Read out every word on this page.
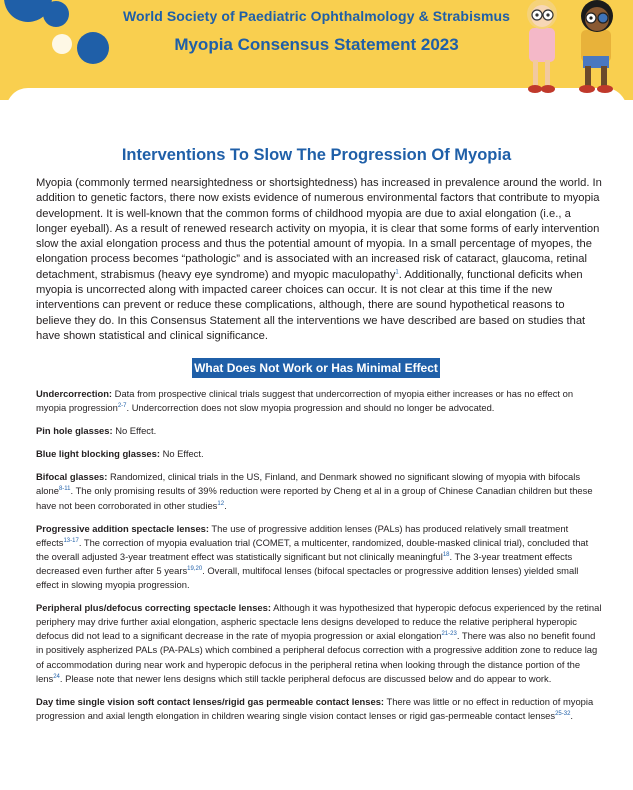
World Society of Paediatric Ophthalmology & Strabismus
Myopia Consensus Statement 2023
Interventions To Slow The Progression Of Myopia

Myopia (commonly termed nearsightedness or shortsightedness) has increased in prevalence around the world. In addition to genetic factors, there now exists evidence of numerous environmental factors that contribute to myopia development. It is well-known that the common forms of childhood myopia are due to axial elongation (i.e., a longer eyeball). As a result of renewed research activity on myopia, it is clear that some forms of early intervention slow the axial elongation process and thus the potential amount of myopia. In a small percentage of myopes, the elongation process becomes “pathologic” and is associated with an increased risk of cataract, glaucoma, retinal detachment, strabismus (heavy eye syndrome) and myopic maculopathy$^1$. Additionally, functional deficits when myopia is uncorrected along with impacted career choices can occur. It is not clear at this time if the new interventions can prevent or reduce these complications, although, there are sound hypothetical reasons to believe they do. In this Consensus Statement all the interventions we have described are based on studies that have shown statistical and clinical significance.

What Does Not Work or Has Minimal Effect

Undercorrection: Data from prospective clinical trials suggest that undercorrection of myopia either increases or has no effect on myopia progression$^{2-7}$. Undercorrection does not slow myopia progression and should no longer be advocated.

Pin hole glasses: No Effect.

Blue light blocking glasses: No Effect.

Bifocal glasses: Randomized, clinical trials in the US, Finland, and Denmark showed no significant slowing of myopia with bifocals alone$^{8-11}$. The only promising results of 39% reduction were reported by Cheng et al in a group of Chinese Canadian children but these have not been corroborated in other studies$^{12}$.

Progressive addition spectacle lenses: The use of progressive addition lenses (PALs) has produced relatively small treatment effects$^{13-17}$. The correction of myopia evaluation trial (COMET, a multicenter, randomized, double-masked clinical trial), concluded that the overall adjusted 3-year treatment effect was statistically significant but not clinically meaningful$^{18}$. The 3-year treatment effects decreased even further after 5 years$^{19,20}$. Overall, multifocal lenses (bifocal spectacles or progressive addition lenses) yielded small effect in slowing myopia progression.

Peripheral plus/defocus correcting spectacle lenses: Although it was hypothesized that hyperopic defocus experienced by the retinal periphery may drive further axial elongation, aspheric spectacle lens designs developed to reduce the relative peripheral hyperopic defocus did not lead to a significant decrease in the rate of myopia progression or axial elongation$^{21-23}$. There was also no benefit found in positively aspherized PALs (PA-PALs) which combined a peripheral defocus correction with a progressive addition zone to reduce lag of accommodation during near work and hyperopic defocus in the peripheral retina when looking through the distance portion of the lens$^{24}$. Please note that newer lens designs which still tackle peripheral defocus are discussed below and do appear to work.

Day time single vision soft contact lenses/rigid gas permeable contact lenses: There was little or no effect in reduction of myopia progression and axial length elongation in children wearing single vision contact lenses or rigid gas-permeable contact lenses$^{25-32}$.
